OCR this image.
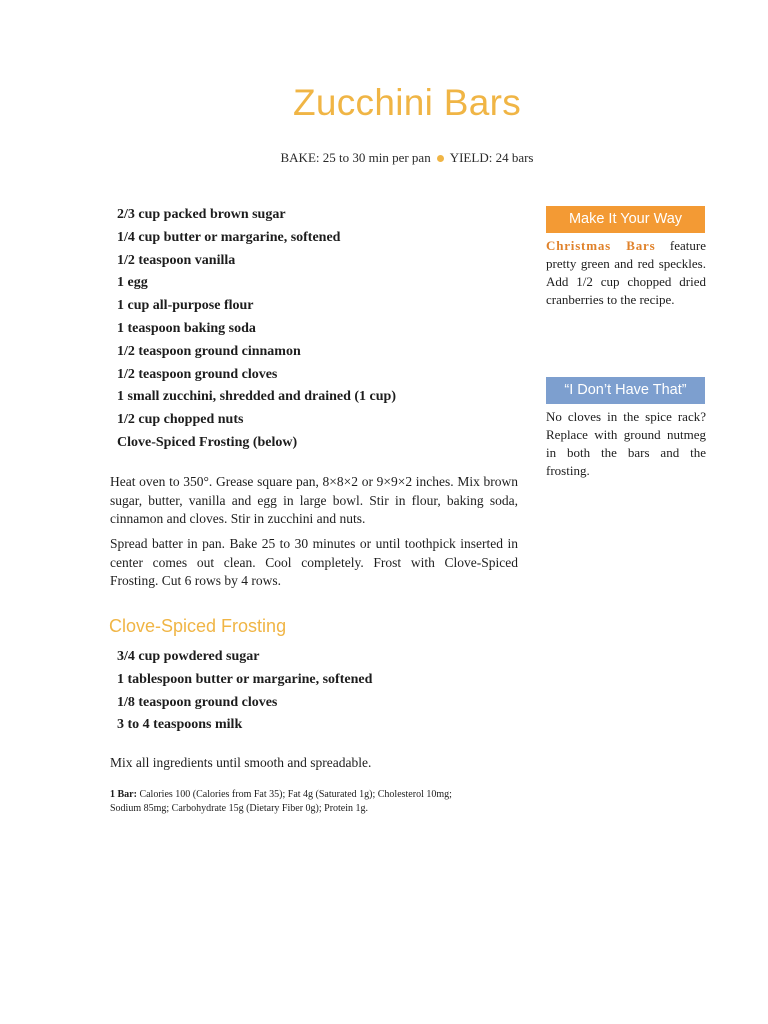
Zucchini Bars
BAKE: 25 to 30 min per pan YIELD: 24 bars
2/3 cup packed brown sugar
1/4 cup butter or margarine, softened
1/2 teaspoon vanilla
1 egg
1 cup all-purpose flour
1 teaspoon baking soda
1/2 teaspoon ground cinnamon
1/2 teaspoon ground cloves
1 small zucchini, shredded and drained (1 cup)
1/2 cup chopped nuts
Clove-Spiced Frosting (below)

Heat oven to 350°. Grease square pan, 8×8×2 or 9×9×2 inches. Mix brown sugar, butter, vanilla and egg in large bowl. Stir in flour, baking soda, cinnamon and cloves. Stir in zucchini and nuts.

Spread batter in pan. Bake 25 to 30 minutes or until toothpick inserted in center comes out clean. Cool completely. Frost with Clove-Spiced Frosting. Cut 6 rows by 4 rows.

Clove-Spiced Frosting
3/4 cup powdered sugar
1 tablespoon butter or margarine, softened
1/8 teaspoon ground cloves
3 to 4 teaspoons milk

Mix all ingredients until smooth and spreadable.

1 Bar: Calories 100 (Calories from Fat 35); Fat 4g (Saturated 1g); Cholesterol 10mg;
Sodium 85mg; Carbohydrate 15g (Dietary Fiber 0g); Protein 1g.

Make It Your Way

Christmas Bars feature pretty green and red speckles. Add 1/2 cup chopped dried cranberries to the recipe.

“I Don’t Have That”

No cloves in the spice rack? Replace with ground nutmeg in both the bars and the frosting.
